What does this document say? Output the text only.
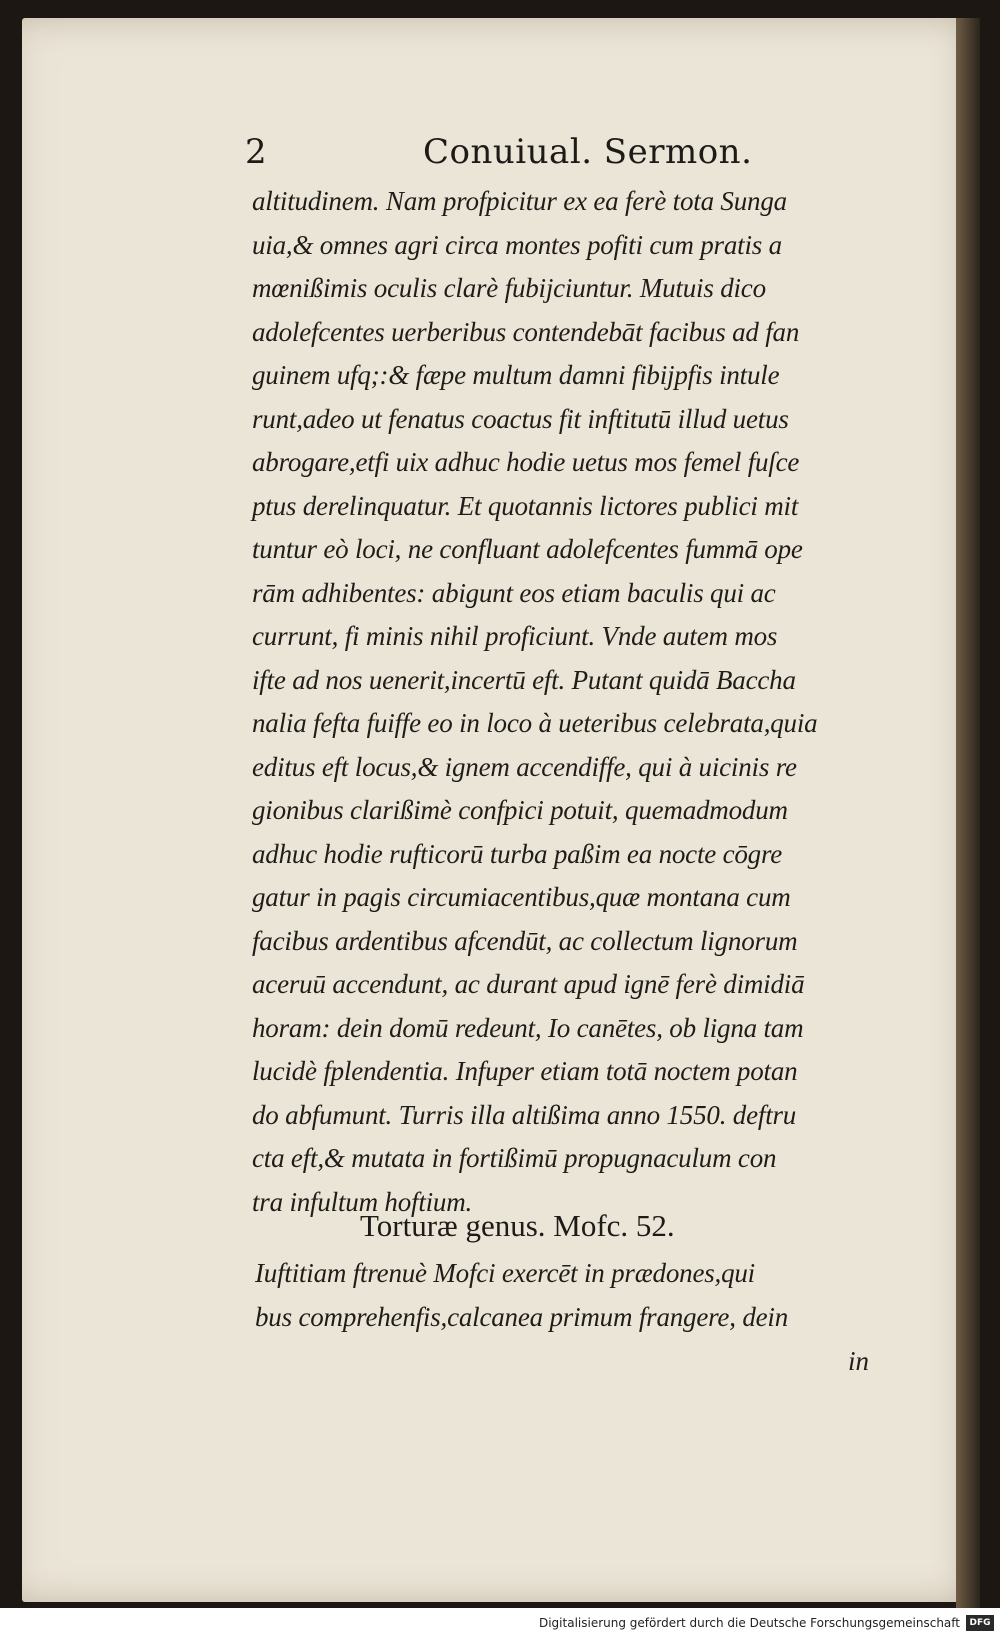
2	Conuiual. Sermon.
altitudinem. Nam profpicitur ex ea ferè tota Sunga
uia,& omnes agri circa montes pofiti cum pratis a
mœnißimis oculis clarè fubijciuntur. Mutuis dico
adolefcentes uerberibus contendebāt facibus ad fan
guinem ufq;:& fæpe multum damni fibijpfis intule
runt,adeo ut fenatus coactus fit inftitutū illud uetus
abrogare,etfi uix adhuc hodie uetus mos femel fuſce
ptus derelinquatur. Et quotannis lictores publici mit
tuntur eò loci, ne confluant adolefcentes fummā ope
rām adhibentes: abigunt eos etiam baculis qui ac
currunt, fi minis nihil proficiunt. Vnde autem mos
ifte ad nos uenerit,incertū eft. Putant quidā Baccha
nalia fefta fuiffe eo in loco à ueteribus celebrata,quia
editus eft locus,& ignem accendiffe, qui à uicinis re
gionibus clarißimè confpici potuit, quemadmodum
adhuc hodie rufticorū turba paßim ea nocte cōgre
gatur in pagis circumiacentibus,quæ montana cum
facibus ardentibus afcendūt, ac collectum lignorum
aceruū accendunt, ac durant apud ignē ferè dimidiā
horam: dein domū redeunt, Io canētes, ob ligna tam
lucidè fplendentia. Infuper etiam totā noctem potan
do abfumunt. Turris illa altißima anno 1550. deftru
cta eft,& mutata in fortißimū propugnaculum con
tra infultum hoftium.
Torturæ genus. Mofc. 52.
Iuftitiam ftrenuè Mofci exercēt in prædones,qui
bus comprehenfis,calcanea primum frangere, dein
in
Digitalisierung gefördert durch die Deutsche Forschungsgemeinschaft	DFG
